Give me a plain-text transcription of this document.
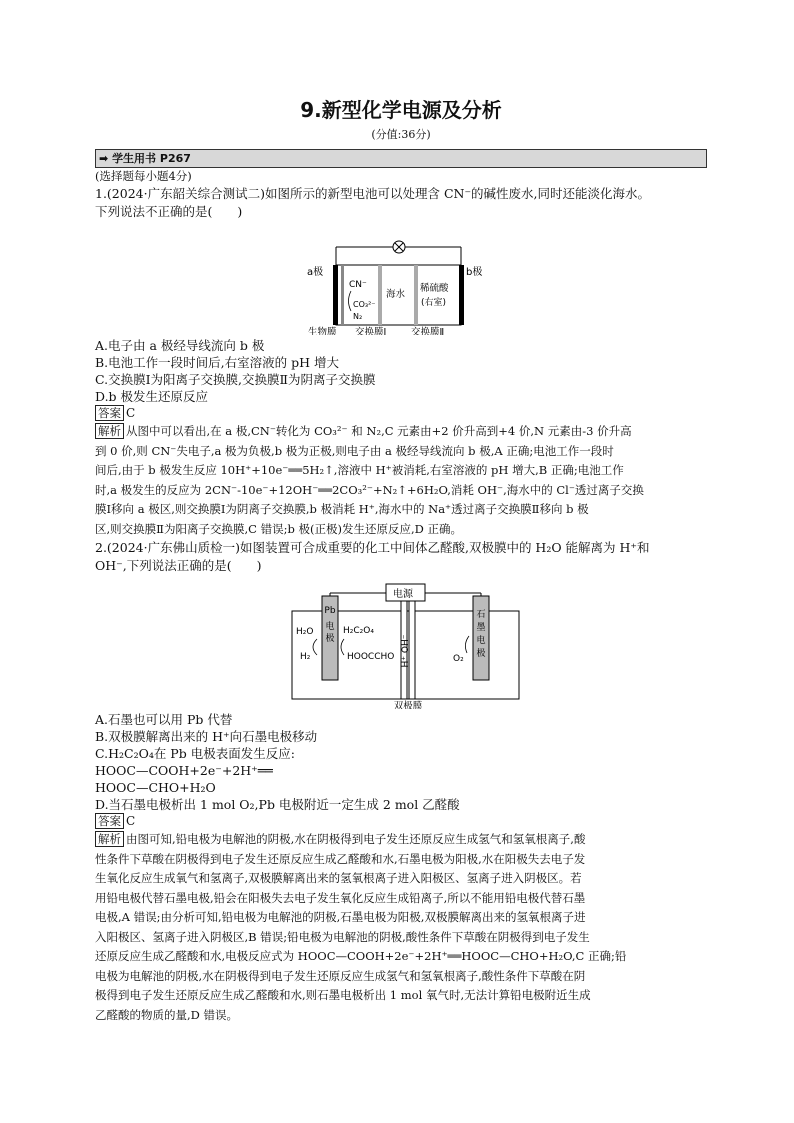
9.新型化学电源及分析
(分值:36分)
➡ 学生用书 P267
(选择题每小题4分)

1.(2024·广东韶关综合测试二)如图所示的新型电池可以处理含 CN⁻的碱性废水,同时还能淡化海水。

下列说法不正确的是(　　)

a极	b极
CN⁻
CO₃²⁻
N₂
海水
稀硫酸
(右室)
生物膜 交换膜Ⅰ	交换膜Ⅱ
A.电子由 a 极经导线流向 b 极
B.电池工作一段时间后,右室溶液的 pH 增大
C.交换膜Ⅰ为阳离子交换膜,交换膜Ⅱ为阴离子交换膜
D.b 极发生还原反应
答案 C
解析 从图中可以看出,在 a 极,CN⁻转化为 CO₃²⁻ 和 N₂,C 元素由+2 价升高到+4 价,N 元素由-3 价升高
到 0 价,则 CN⁻失电子,a 极为负极,b 极为正极,则电子由 a 极经导线流向 b 极,A 正确;电池工作一段时
间后,由于 b 极发生反应 10H⁺+10e⁻══5H₂↑,溶液中 H⁺被消耗,右室溶液的 pH 增大,B 正确;电池工作
时,a 极发生的反应为 2CN⁻-10e⁻+12OH⁻══2CO₃²⁻+N₂↑+6H₂O,消耗 OH⁻,海水中的 Cl⁻透过离子交换
膜Ⅰ移向 a 极区,则交换膜Ⅰ为阴离子交换膜,b 极消耗 H⁺,海水中的 Na⁺透过离子交换膜Ⅱ移向 b 极
区,则交换膜Ⅱ为阳离子交换膜,C 错误;b 极(正极)发生还原反应,D 正确。

2.(2024·广东佛山质检一)如图装置可合成重要的化工中间体乙醛酸,双极膜中的 H₂O 能解离为 H⁺和

OH⁻,下列说法正确的是(　　)

电源
Pb
电
极
石
墨
电
极
H⁺ OH⁻
H₂O
H₂
H₂C₂O₄
HOOCCHO	O₂
双极膜
A.石墨也可以用 Pb 代替
B.双极膜解离出来的 H⁺向石墨电极移动
C.H₂C₂O₄在 Pb 电极表面发生反应:
HOOC—COOH+2e⁻+2H⁺══
HOOC—CHO+H₂O
D.当石墨电极析出 1 mol O₂,Pb 电极附近一定生成 2 mol 乙醛酸
答案 C
解析 由图可知,铅电极为电解池的阴极,水在阴极得到电子发生还原反应生成氢气和氢氧根离子,酸
性条件下草酸在阴极得到电子发生还原反应生成乙醛酸和水,石墨电极为阳极,水在阳极失去电子发
生氧化反应生成氧气和氢离子,双极膜解离出来的氢氧根离子进入阳极区、氢离子进入阴极区。若
用铅电极代替石墨电极,铅会在阳极失去电子发生氧化反应生成铅离子,所以不能用铅电极代替石墨
电极,A 错误;由分析可知,铅电极为电解池的阴极,石墨电极为阳极,双极膜解离出来的氢氧根离子进
入阳极区、氢离子进入阴极区,B 错误;铅电极为电解池的阴极,酸性条件下草酸在阴极得到电子发生
还原反应生成乙醛酸和水,电极反应式为 HOOC—COOH+2e⁻+2H⁺══HOOC—CHO+H₂O,C 正确;铅
电极为电解池的阴极,水在阴极得到电子发生还原反应生成氢气和氢氧根离子,酸性条件下草酸在阴
极得到电子发生还原反应生成乙醛酸和水,则石墨电极析出 1 mol 氧气时,无法计算铅电极附近生成
乙醛酸的物质的量,D 错误。
